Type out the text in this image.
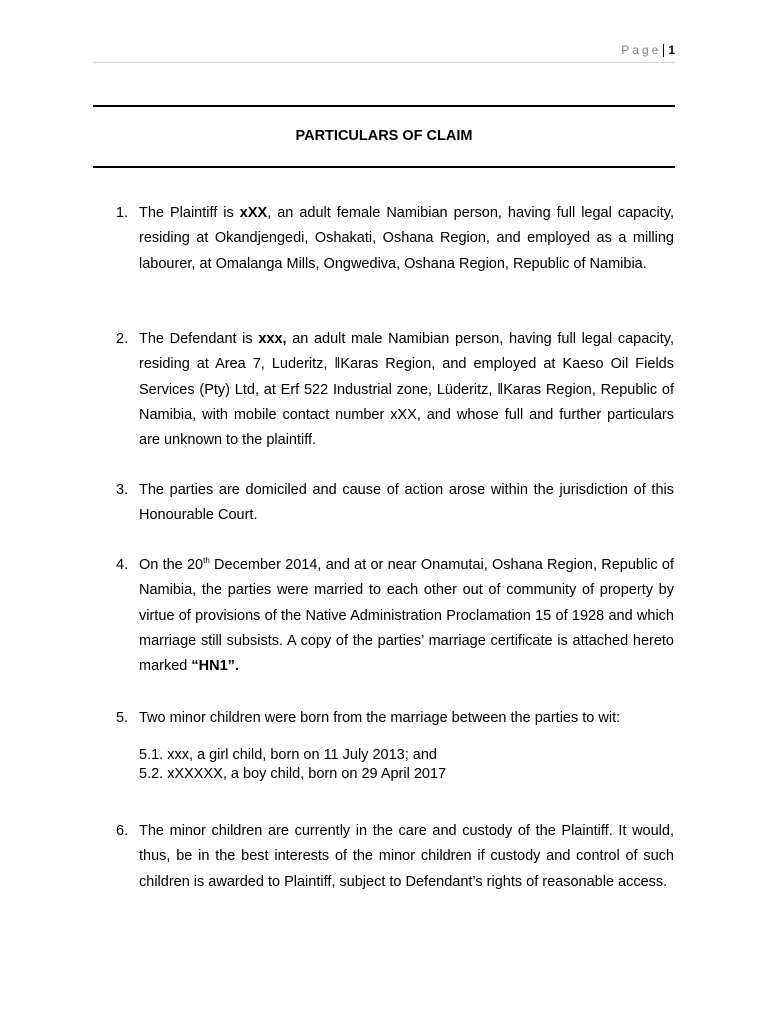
Page 1
PARTICULARS OF CLAIM
1. The Plaintiff is xXX, an adult female Namibian person, having full legal capacity, residing at Okandjengedi, Oshakati, Oshana Region, and employed as a milling labourer, at Omalanga Mills, Ongwediva, Oshana Region, Republic of Namibia.
2. The Defendant is xxx, an adult male Namibian person, having full legal capacity, residing at Area 7, Luderitz, ǁKaras Region, and employed at Kaeso Oil Fields Services (Pty) Ltd, at Erf 522 Industrial zone, Lüderitz, ǁKaras Region, Republic of Namibia, with mobile contact number xXX, and whose full and further particulars are unknown to the plaintiff.
3. The parties are domiciled and cause of action arose within the jurisdiction of this Honourable Court.
4. On the 20th December 2014, and at or near Onamutai, Oshana Region, Republic of Namibia, the parties were married to each other out of community of property by virtue of provisions of the Native Administration Proclamation 15 of 1928 and which marriage still subsists. A copy of the parties’ marriage certificate is attached hereto marked “HN1”.
5. Two minor children were born from the marriage between the parties to wit:
5.1. xxx, a girl child, born on 11 July 2013; and
5.2. xXXXXX, a boy child, born on 29 April 2017
6. The minor children are currently in the care and custody of the Plaintiff. It would, thus, be in the best interests of the minor children if custody and control of such children is awarded to Plaintiff, subject to Defendant’s rights of reasonable access.
